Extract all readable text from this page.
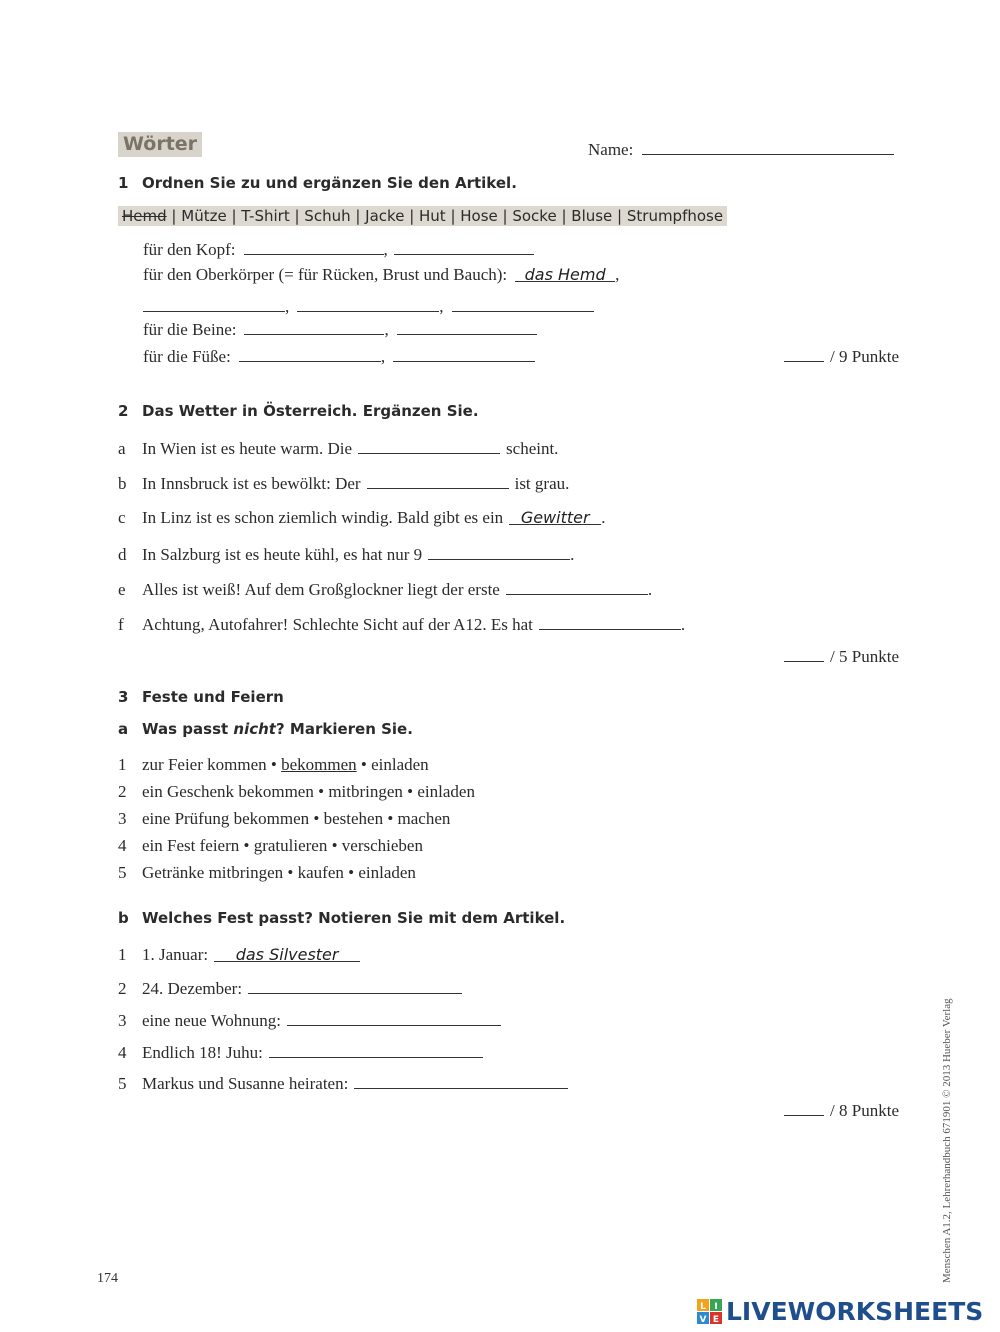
Wörter	Name:
1 Ordnen Sie zu und ergänzen Sie den Artikel.
Hemd | Mütze | T-Shirt | Schuh | Jacke | Hut | Hose | Socke | Bluse | Strumpfhose
für den Kopf:	,
für den Oberkörper (= für Rücken, Brust und Bauch):	das Hemd ,
,	,
für die Beine:	,
für die Füße:	,	/ 9 Punkte
2 Das Wetter in Österreich. Ergänzen Sie.
a In Wien ist es heute warm. Die	scheint.
b In Innsbruck ist es bewölkt: Der	ist grau.
c In Linz ist es schon ziemlich windig. Bald gibt es ein	Gewitter .
d In Salzburg ist es heute kühl, es hat nur 9	.
e Alles ist weiß! Auf dem Großglockner liegt der erste	.
f	Achtung, Autofahrer! Schlechte Sicht auf der A12. Es hat	.
/ 5 Punkte
3 Feste und Feiern
a Was passt nicht? Markieren Sie.
1 zur Feier
kommen
•
bekommen
•
einladen
2 ein Geschenk
bekommen
•
mitbringen
•
einladen
3 eine Prüfung
bekommen
•
bestehen
•
machen
4 ein Fest
feiern
•
gratulieren
•
verschieben
5 Getränke
mitbringen
•
kaufen
•
einladen
b Welches Fest passt? Notieren Sie mit dem Artikel.
1 1. Januar:	das Silvester
2 24. Dezember:
3 eine neue Wohnung:
4 Endlich 18! Juhu:
5 Markus und Susanne heiraten:
/ 8 Punkte	Menschen A1.2, Lehrerhandbuch 671901 © 2013 Hueber Verlag
174
L I
V E LIVEWORKSHEETS
